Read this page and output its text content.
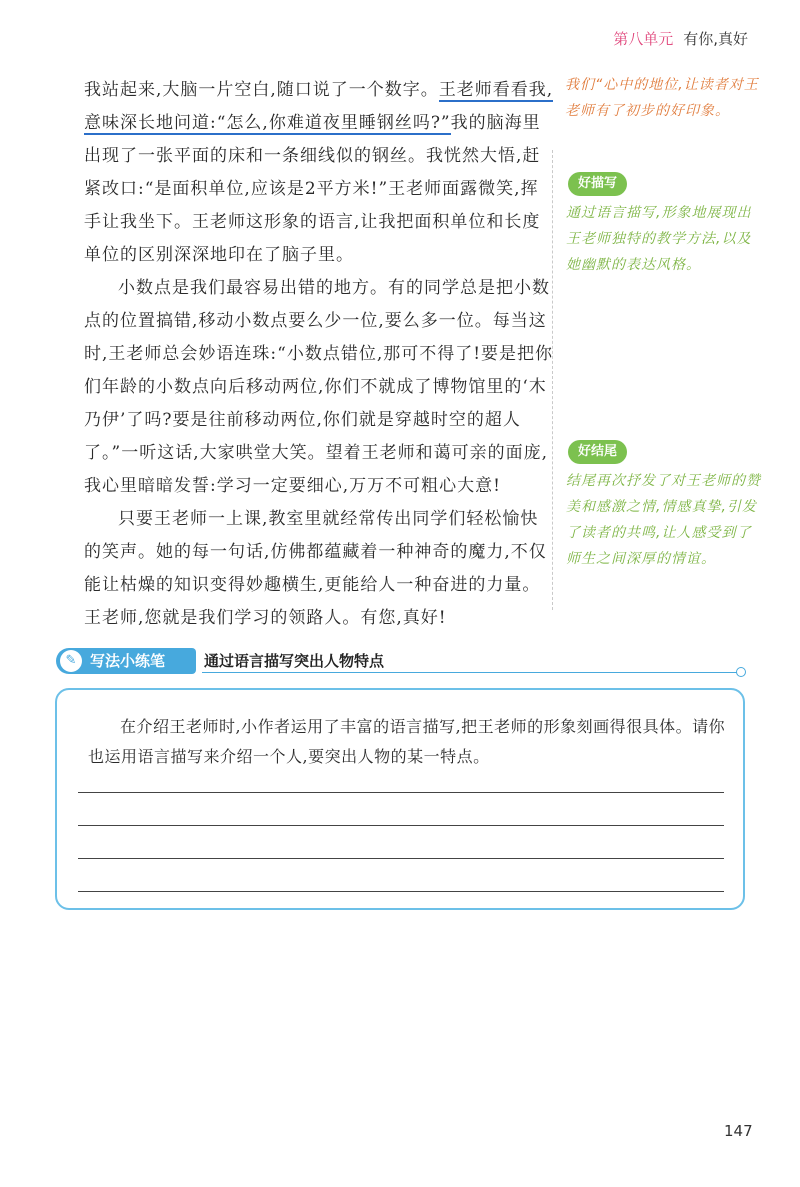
第八单元 有你,真好

我站起来,大脑一片空白,随口说了一个数字。王老师看看我,意味深长地问道:“怎么,你难道夜里睡钢丝吗?”我的脑海里出现了一张平面的床和一条细线似的钢丝。我恍然大悟,赶紧改口:“是面积单位,应该是2平方米!”王老师面露微笑,挥手让我坐下。王老师这形象的语言,让我把面积单位和长度单位的区别深深地印在了脑子里。

小数点是我们最容易出错的地方。有的同学总是把小数点的位置搞错,移动小数点要么少一位,要么多一位。每当这时,王老师总会妙语连珠:“小数点错位,那可不得了!要是把你们年龄的小数点向后移动两位,你们不就成了博物馆里的‘木乃伊’了吗?要是往前移动两位,你们就是穿越时空的超人了。”一听这话,大家哄堂大笑。望着王老师和蔼可亲的面庞,我心里暗暗发誓:学习一定要细心,万万不可粗心大意!

只要王老师一上课,教室里就经常传出同学们轻松愉快的笑声。她的每一句话,仿佛都蕴藏着一种神奇的魔力,不仅能让枯燥的知识变得妙趣横生,更能给人一种奋进的力量。王老师,您就是我们学习的领路人。有您,真好!

我们“心中的地位,让读者对王老师有了初步的好印象。
好描写
通过语言描写,形象地展现出王老师独特的教学方法,以及她幽默的表达风格。
好结尾
结尾再次抒发了对王老师的赞美和感激之情,情感真挚,引发了读者的共鸣,让人感受到了师生之间深厚的情谊。
✎ 写法小练笔	通过语言描写突出人物特点
在介绍王老师时,小作者运用了丰富的语言描写,把王老师的形象刻画得很具体。请你也运用语言描写来介绍一个人,要突出人物的某一特点。
147
